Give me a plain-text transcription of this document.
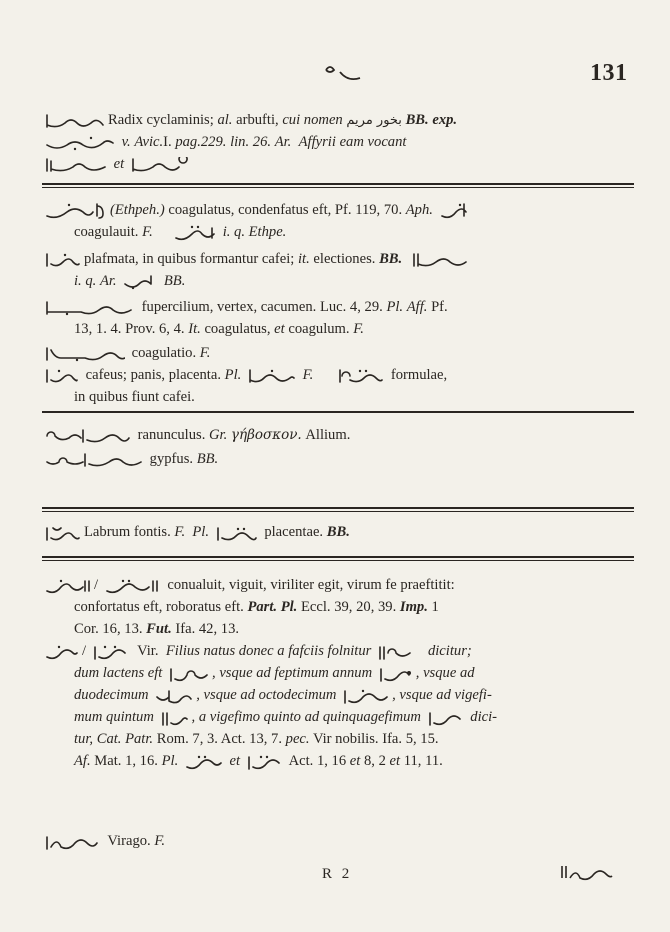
131
Radix cyclaminis; al. arbufti, cui nomen بخور مريم BB. exp.
v. Avic.I. pag.229. lin. 26. Ar. Affyrii eam vocant
et
(Ethpeh.) coagulatus, condenfatus eft, Pf. 119, 70. Aph.
coagulauit. F.	i. q. Ethpe.
plafmata, in quibus formantur cafei; it. electiones. BB.
i. q. Ar.	BB.
fupercilium, vertex, cacumen. Luc. 4, 29. Pl. Aff. Pf.
13, 1. 4. Prov. 6, 4. It. coagulatus, et coagulum. F.
coagulatio. F.
cafeus; panis, placenta. Pl.	F.	formulae,
in quibus fiunt cafei.
ranunculus. Gr. γήβοσκον. Allium.
gypfus. BB.
Labrum fontis. F. Pl.	placentae. BB.
/	conualuit, viguit, viriliter egit, virum fe praeftitit:
confortatus eft, roboratus eft. Part. Pl. Eccl. 39, 20, 39. Imp. 1
Cor. 16, 13. Fut. Ifa. 42, 13.
/	Vir. Filius natus donec a fafciis folnitur	dicitur;
dum lactens eft	, vsque ad feptimum annum	, vsque ad
duodecimum	, vsque ad octodecimum	, vsque ad vigefi-
mum quintum	, a vigefimo quinto ad quinquagefimum	dici-
tur, Cat. Patr. Rom. 7, 3. Act. 13, 7. pec. Vir nobilis. Ifa. 5, 15.
Af. Mat. 1, 16. Pl.	et	Act. 1, 16 et 8, 2 et 11, 11.
Virago. F.
R 2
